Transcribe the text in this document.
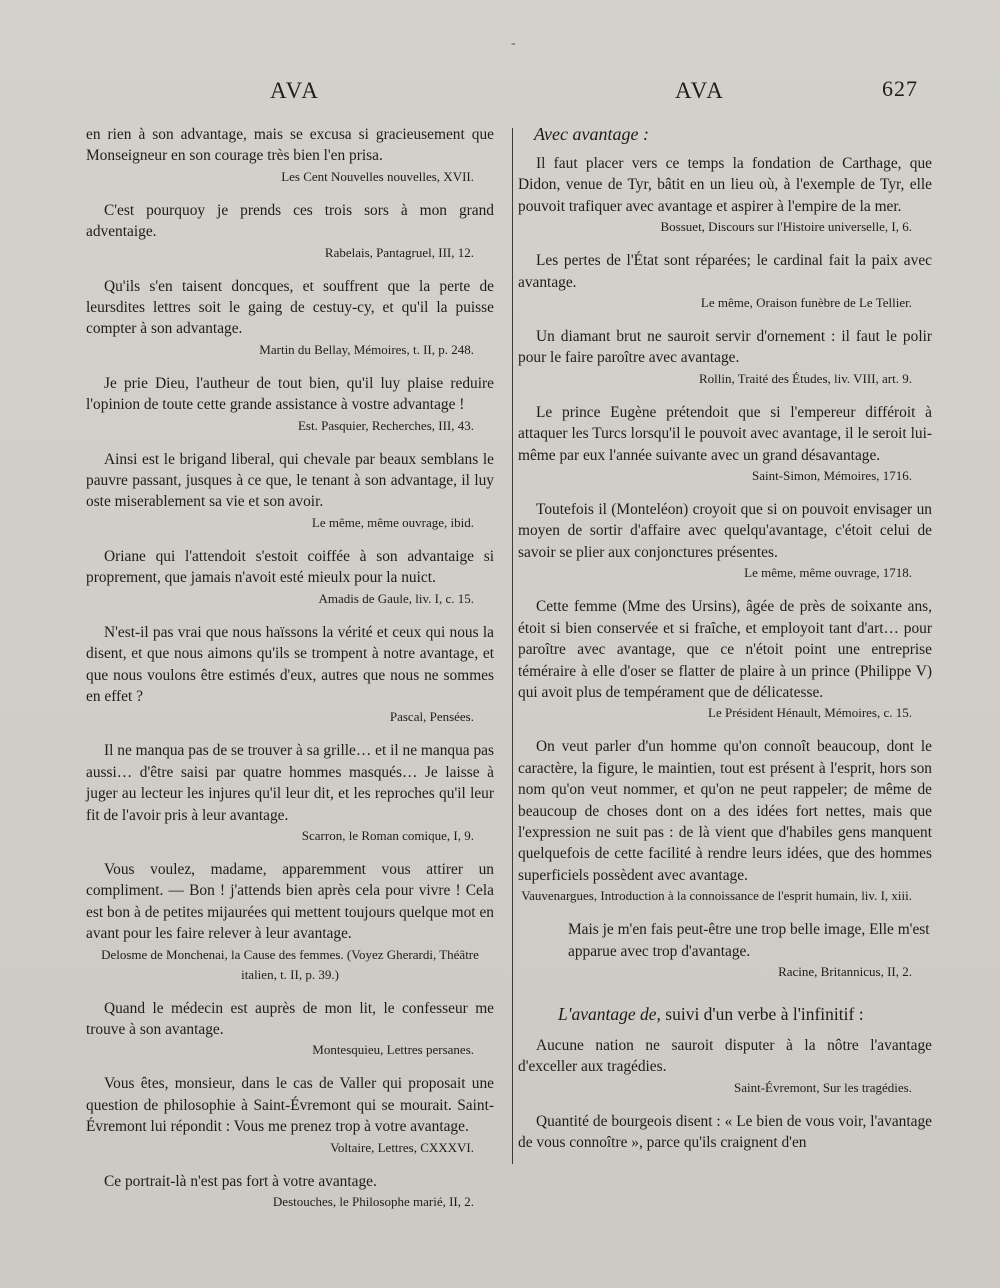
-
AVA	AVA	627

en rien à son advantage, mais se excusa si gracieusement que Monseigneur en son courage très bien l'en prisa.

Les Cent Nouvelles nouvelles, XVII.

C'est pourquoy je prends ces trois sors à mon grand adventaige.

Rabelais, Pantagruel, III, 12.

Qu'ils s'en taisent doncques, et souffrent que la perte de leursdites lettres soit le gaing de cestuy-cy, et qu'il la puisse compter à son advantage.

Martin du Bellay, Mémoires, t. II, p. 248.

Je prie Dieu, l'autheur de tout bien, qu'il luy plaise reduire l'opinion de toute cette grande assistance à vostre advantage !

Est. Pasquier, Recherches, III, 43.

Ainsi est le brigand liberal, qui chevale par beaux semblans le pauvre passant, jusques à ce que, le tenant à son advantage, il luy oste miserablement sa vie et son avoir.

Le même, même ouvrage, ibid.

Oriane qui l'attendoit s'estoit coiffée à son advantaige si proprement, que jamais n'avoit esté mieulx pour la nuict.

Amadis de Gaule, liv. I, c. 15.

N'est-il pas vrai que nous haïssons la vérité et ceux qui nous la disent, et que nous aimons qu'ils se trompent à notre avantage, et que nous voulons être estimés d'eux, autres que nous ne sommes en effet ?

Pascal, Pensées.

Il ne manqua pas de se trouver à sa grille… et il ne manqua pas aussi… d'être saisi par quatre hommes masqués… Je laisse à juger au lecteur les injures qu'il leur dit, et les reproches qu'il leur fit de l'avoir pris à leur avantage.

Scarron, le Roman comique, I, 9.

Vous voulez, madame, apparemment vous attirer un compliment. — Bon ! j'attends bien après cela pour vivre ! Cela est bon à de petites mijaurées qui mettent toujours quelque mot en avant pour les faire relever à leur avantage.

Delosme de Monchenai, la Cause des femmes. (Voyez Gherardi, Théâtre italien, t. II, p. 39.)

Quand le médecin est auprès de mon lit, le confesseur me trouve à son avantage.

Montesquieu, Lettres persanes.

Vous êtes, monsieur, dans le cas de Valler qui proposait une question de philosophie à Saint-Évremont qui se mourait. Saint-Évremont lui répondit : Vous me prenez trop à votre avantage.

Voltaire, Lettres, CXXXVI.

Ce portrait-là n'est pas fort à votre avantage.

Destouches, le Philosophe marié, II, 2.

Avec avantage :

Il faut placer vers ce temps la fondation de Carthage, que Didon, venue de Tyr, bâtit en un lieu où, à l'exemple de Tyr, elle pouvoit trafiquer avec avantage et aspirer à l'empire de la mer.

Bossuet, Discours sur l'Histoire universelle, I, 6.

Les pertes de l'État sont réparées; le cardinal fait la paix avec avantage.

Le même, Oraison funèbre de Le Tellier.

Un diamant brut ne sauroit servir d'ornement : il faut le polir pour le faire paroître avec avantage.

Rollin, Traité des Études, liv. VIII, art. 9.

Le prince Eugène prétendoit que si l'empereur différoit à attaquer les Turcs lorsqu'il le pouvoit avec avantage, il le seroit lui-même par eux l'année suivante avec un grand désavantage.

Saint-Simon, Mémoires, 1716.

Toutefois il (Monteléon) croyoit que si on pouvoit envisager un moyen de sortir d'affaire avec quelqu'avantage, c'étoit celui de savoir se plier aux conjonctures présentes.

Le même, même ouvrage, 1718.

Cette femme (Mme des Ursins), âgée de près de soixante ans, étoit si bien conservée et si fraîche, et employoit tant d'art… pour paroître avec avantage, que ce n'étoit point une entreprise téméraire à elle d'oser se flatter de plaire à un prince (Philippe V) qui avoit plus de tempérament que de délicatesse.

Le Président Hénault, Mémoires, c. 15.

On veut parler d'un homme qu'on connoît beaucoup, dont le caractère, la figure, le maintien, tout est présent à l'esprit, hors son nom qu'on veut nommer, et qu'on ne peut rappeler; de même de beaucoup de choses dont on a des idées fort nettes, mais que l'expression ne suit pas : de là vient que d'habiles gens manquent quelquefois de cette facilité à rendre leurs idées, que des hommes superficiels possèdent avec avantage.

Vauvenargues, Introduction à la connoissance de l'esprit humain, liv. I, xiii.

Mais je m'en fais peut-être une trop belle image, Elle m'est apparue avec trop d'avantage.

Racine, Britannicus, II, 2.

L'avantage de, suivi d'un verbe à l'infinitif :

Aucune nation ne sauroit disputer à la nôtre l'avantage d'exceller aux tragédies.

Saint-Évremont, Sur les tragédies.

Quantité de bourgeois disent : « Le bien de vous voir, l'avantage de vous connoître », parce qu'ils craignent d'en
